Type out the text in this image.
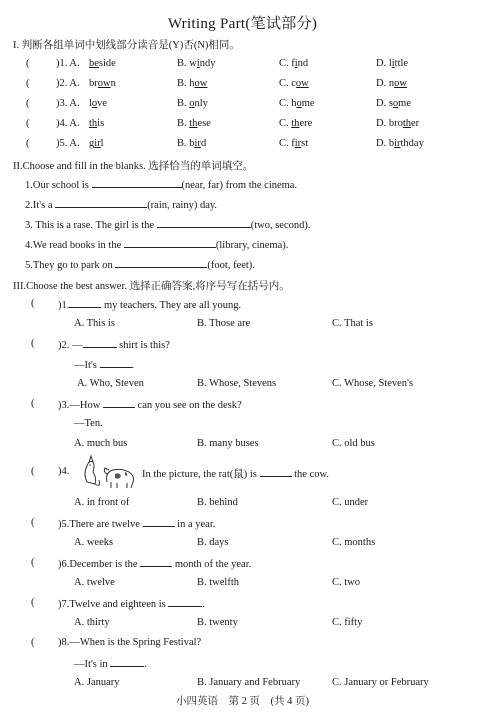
Writing Part(笔试部分)
I. 判断各组单词中划线部分读音是(Y)否(N)相同。
(	)1. A. beside	B. windy	C. find	D. little
(	)2. A. brown	B. how	C. cow	D. now
(	)3. A. love	B. only	C. home	D. some
(	)4. A. this	B. these	C. there	D. brother
(	)5. A. girl	B. bird	C. first	D. birthday
II.Choose and fill in the blanks. 选择恰当的单词填空。
1.Our school is	(near, far) from the cinema.
2.It's a	(rain, rainy) day.
3. This is a rase. The girl is the	(two, second).
4.We read books in the	(library, cinema).
5.They go to park on	(foot, feet).
III.Choose the best answer. 选择正确答案,将序号写在括号内。
( )1.	my teachers. They are all young.
A. This is	B. Those are	C. That is
( )2. —	shirt is this?
—It's	.
A. Who, Steven	B. Whose, Stevens	C. Whose, Steven's
( )3.—How	can you see on the desk?
—Ten.
A. much bus	B. many buses	C. old bus
( )4.	In the picture, the rat(鼠) is	the cow.
A. in front of	B. behind	C. under
( )5.There are twelve	in a year.
A. weeks	B. days	C. months
( )6.December is the	month of the year.
A. twelve	B. twelfth	C. two
( )7.Twelve and eighteen is	.
A. thirty	B. twenty	C. fifty
( )8.—When is the Spring Festival?
—It's in	.
A. January	B. January and February	C. January or February
小四英语　第 2 页　(共 4 页)
